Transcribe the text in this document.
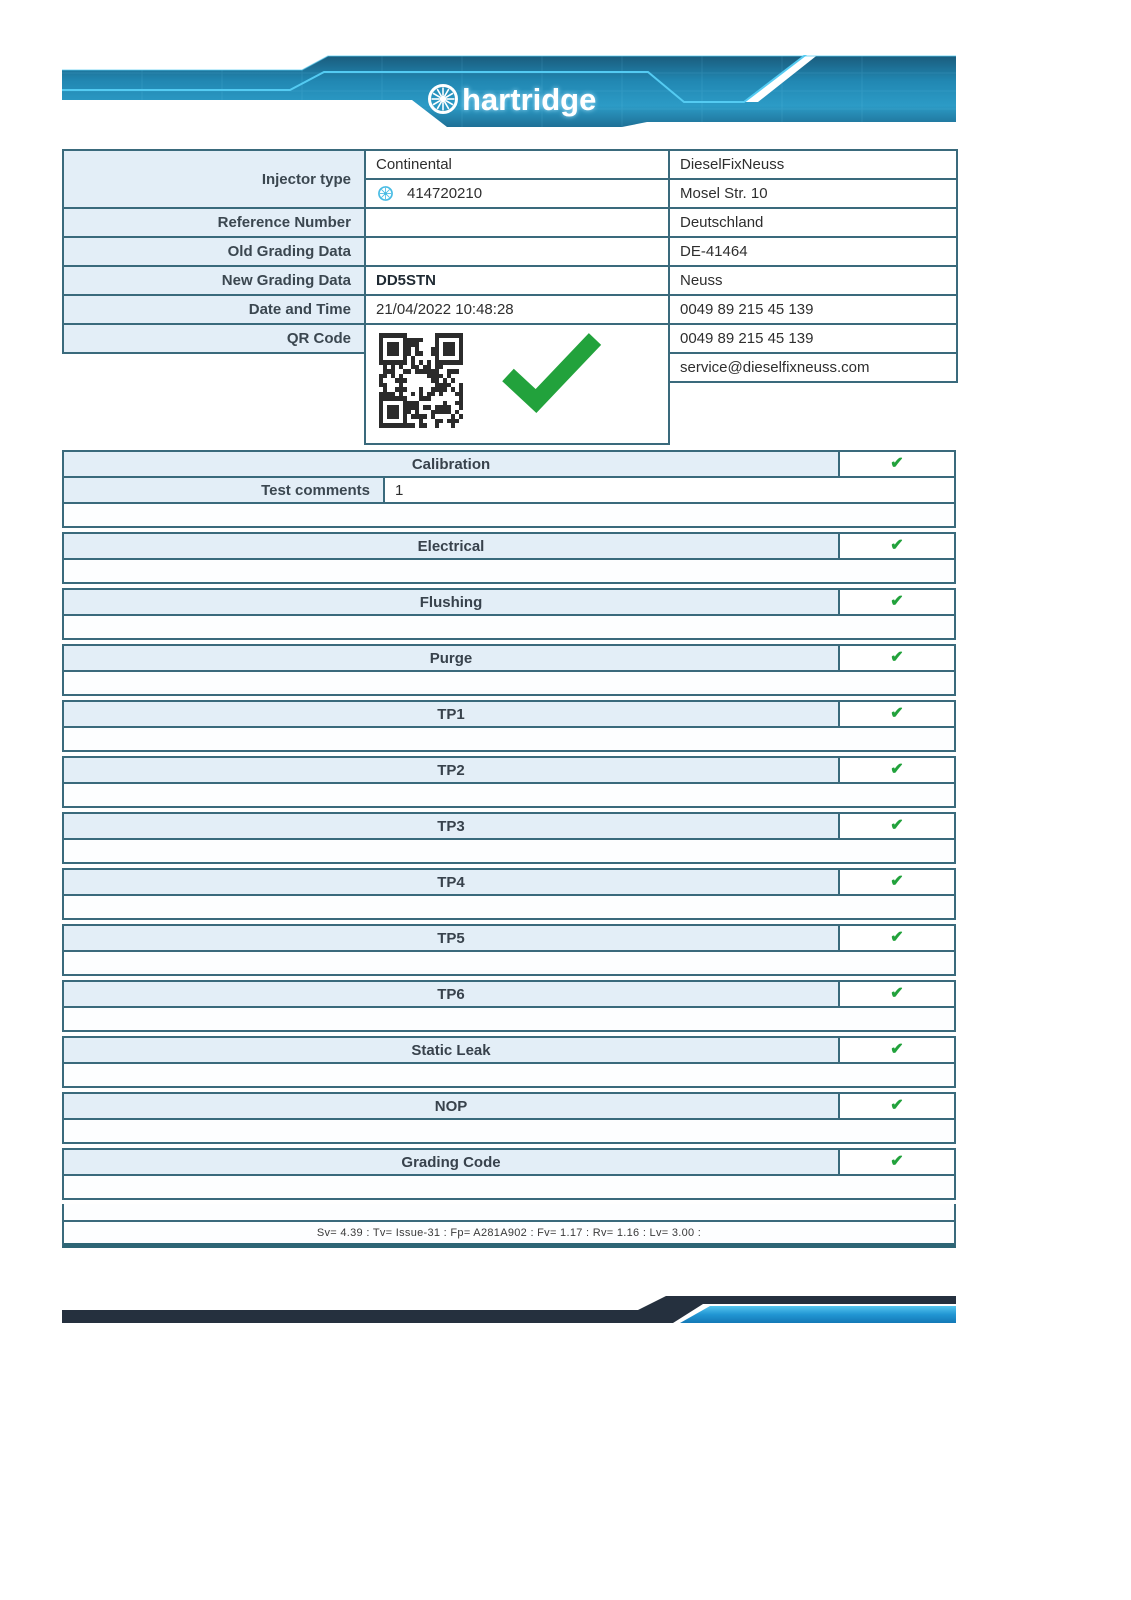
hartridge
Injector type	Continental	DieselFixNeuss
	414720210	Mosel Str. 10
Reference Number		Deutschland
Old Grading Data		DE-41464
New Grading Data	DD5STN	Neuss
Date and Time	21/04/2022 10:48:28	0049 89 215 45 139
QR Code		0049 89 215 45 139
		service@dieselfixneuss.com

Calibration	✔
Test comments	1
Electrical	✔
Flushing	✔
Purge	✔
TP1	✔
TP2	✔
TP3	✔
TP4	✔
TP5	✔
TP6	✔
Static Leak	✔
NOP	✔
Grading Code	✔
Sv= 4.39 : Tv= Issue-31 : Fp= A281A902 : Fv= 1.17 : Rv= 1.16 : Lv= 3.00 :
